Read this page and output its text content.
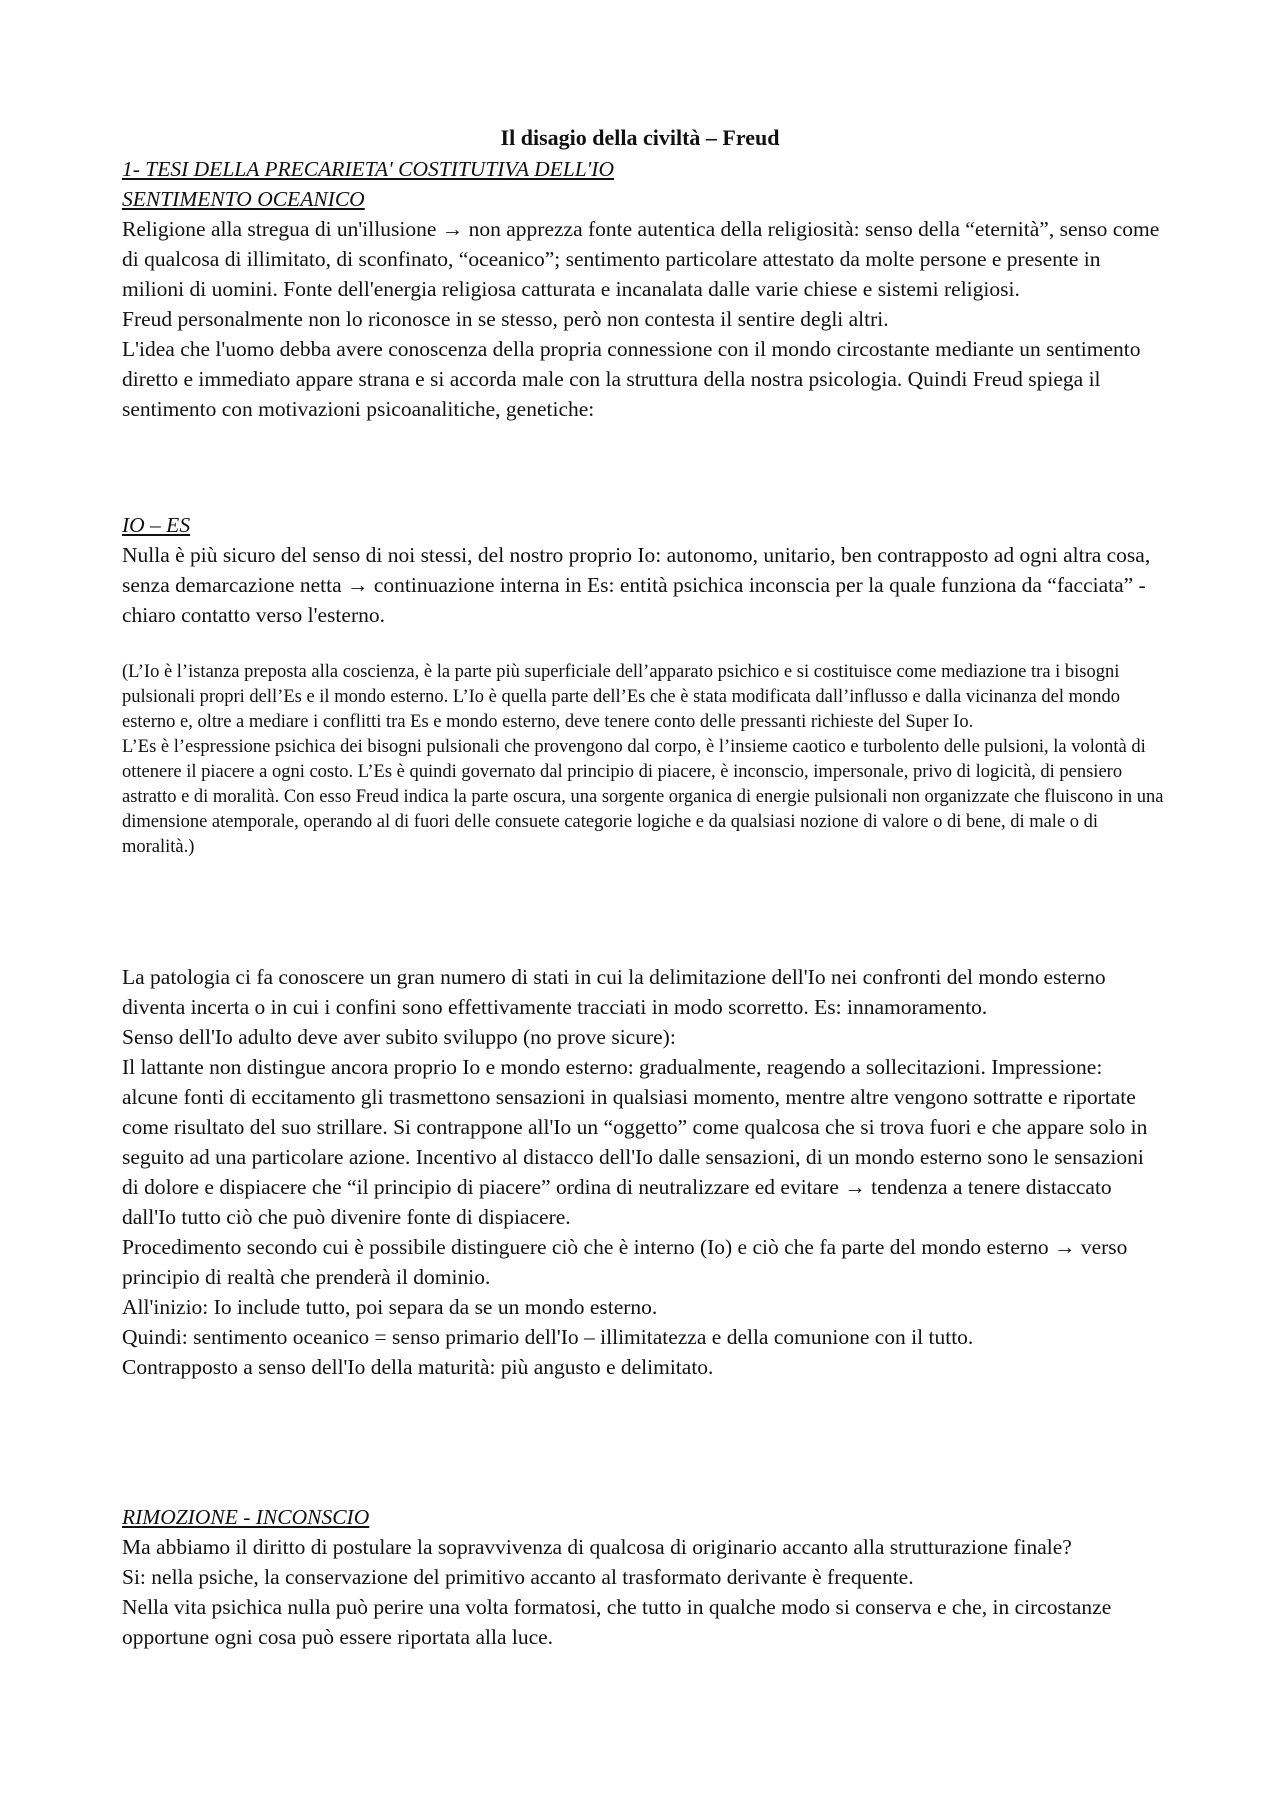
Il disagio della civiltà – Freud

1- TESI DELLA PRECARIETA' COSTITUTIVA DELL'IO

SENTIMENTO OCEANICO

Religione alla stregua di un'illusione → non apprezza fonte autentica della religiosità: senso della “eternità”, senso come di qualcosa di illimitato, di sconfinato, “oceanico”; sentimento particolare attestato da molte persone e presente in milioni di uomini. Fonte dell'energia religiosa catturata e incanalata dalle varie chiese e sistemi religiosi.

Freud personalmente non lo riconosce in se stesso, però non contesta il sentire degli altri.

L'idea che l'uomo debba avere conoscenza della propria connessione con il mondo circostante mediante un sentimento diretto e immediato appare strana e si accorda male con la struttura della nostra psicologia. Quindi Freud spiega il sentimento con motivazioni psicoanalitiche, genetiche:

IO – ES

Nulla è più sicuro del senso di noi stessi, del nostro proprio Io: autonomo, unitario, ben contrapposto ad ogni altra cosa, senza demarcazione netta → continuazione interna in Es: entità psichica inconscia per la quale funziona da “facciata” - chiaro contatto verso l'esterno.

(L’Io è l’istanza preposta alla coscienza, è la parte più superficiale dell’apparato psichico e si costituisce come mediazione tra i bisogni pulsionali propri dell’Es e il mondo esterno. L’Io è quella parte dell’Es che è stata modificata dall’influsso e dalla vicinanza del mondo esterno e, oltre a mediare i conflitti tra Es e mondo esterno, deve tenere conto delle pressanti richieste del Super Io.

L’Es è l’espressione psichica dei bisogni pulsionali che provengono dal corpo, è l’insieme caotico e turbolento delle pulsioni, la volontà di ottenere il piacere a ogni costo. L’Es è quindi governato dal principio di piacere, è inconscio, impersonale, privo di logicità, di pensiero astratto e di moralità. Con esso Freud indica la parte oscura, una sorgente organica di energie pulsionali non organizzate che fluiscono in una dimensione atemporale, operando al di fuori delle consuete categorie logiche e da qualsiasi nozione di valore o di bene, di male o di moralità.)

La patologia ci fa conoscere un gran numero di stati in cui la delimitazione dell'Io nei confronti del mondo esterno diventa incerta o in cui i confini sono effettivamente tracciati in modo scorretto. Es: innamoramento.

Senso dell'Io adulto deve aver subito sviluppo (no prove sicure):

Il lattante non distingue ancora proprio Io e mondo esterno: gradualmente, reagendo a sollecitazioni. Impressione: alcune fonti di eccitamento gli trasmettono sensazioni in qualsiasi momento, mentre altre vengono sottratte e riportate come risultato del suo strillare. Si contrappone all'Io un “oggetto” come qualcosa che si trova fuori e che appare solo in seguito ad una particolare azione. Incentivo al distacco dell'Io dalle sensazioni, di un mondo esterno sono le sensazioni di dolore e dispiacere che “il principio di piacere” ordina di neutralizzare ed evitare → tendenza a tenere distaccato dall'Io tutto ciò che può divenire fonte di dispiacere.

Procedimento secondo cui è possibile distinguere ciò che è interno (Io) e ciò che fa parte del mondo esterno → verso principio di realtà che prenderà il dominio.

All'inizio: Io include tutto, poi separa da se un mondo esterno.

Quindi: sentimento oceanico = senso primario dell'Io – illimitatezza e della comunione con il tutto.

Contrapposto a senso dell'Io della maturità: più angusto e delimitato.

RIMOZIONE - INCONSCIO

Ma abbiamo il diritto di postulare la sopravvivenza di qualcosa di originario accanto alla strutturazione finale?

Si: nella psiche, la conservazione del primitivo accanto al trasformato derivante è frequente.

Nella vita psichica nulla può perire una volta formatosi, che tutto in qualche modo si conserva e che, in circostanze opportune ogni cosa può essere riportata alla luce.
